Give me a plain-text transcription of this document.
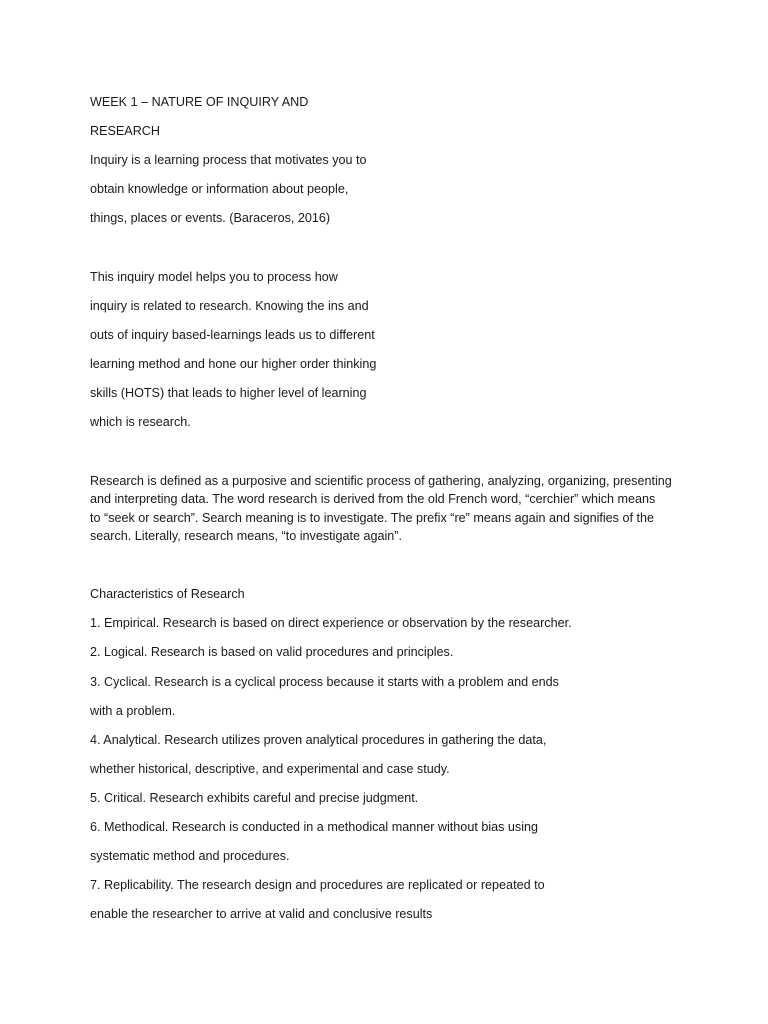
WEEK 1 – NATURE OF INQUIRY AND

RESEARCH

Inquiry is a learning process that motivates you to

obtain knowledge or information about people,

things, places or events. (Baraceros, 2016)

This inquiry model helps you to process how

inquiry is related to research. Knowing the ins and

outs of inquiry based-learnings leads us to different

learning method and hone our higher order thinking

skills (HOTS) that leads to higher level of learning

which is research.

Research is defined as a purposive and scientific process of gathering, analyzing, organizing, presenting

and interpreting data. The word research is derived from the old French word, “cerchier” which means

to “seek or search”. Search meaning is to investigate. The prefix “re” means again and signifies of the

search. Literally, research means, “to investigate again”.

Characteristics of Research

1. Empirical. Research is based on direct experience or observation by the researcher.

2. Logical. Research is based on valid procedures and principles.

3. Cyclical. Research is a cyclical process because it starts with a problem and ends

with a problem.

4. Analytical. Research utilizes proven analytical procedures in gathering the data,

whether historical, descriptive, and experimental and case study.

5. Critical. Research exhibits careful and precise judgment.

6. Methodical. Research is conducted in a methodical manner without bias using

systematic method and procedures.

7. Replicability. The research design and procedures are replicated or repeated to

enable the researcher to arrive at valid and conclusive results
